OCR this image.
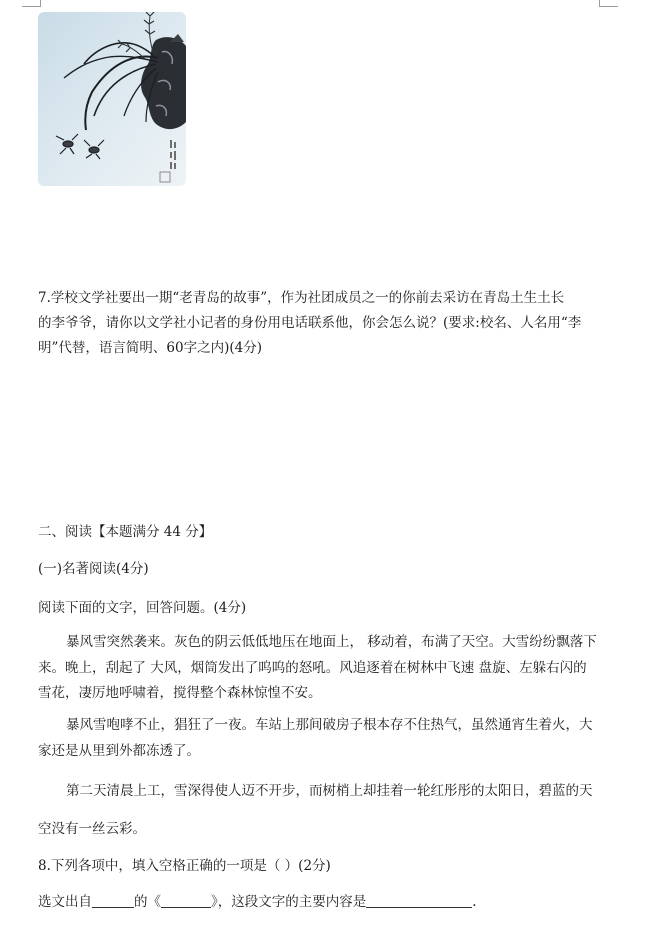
7.学校文学社要出一期“老青岛的故事”，作为社团成员之一的你前去采访在青岛土生土长
的李爷爷，请你以文学社小记者的身份用电话联系他，你会怎么说？(要求:校名、人名用“李
明”代替，语言简明、60字之内)(4分)
二、阅读【本题满分 44 分】
(一)名著阅读(4分)
阅读下面的文字，回答问题。(4分)
暴风雪突然袭来。灰色的阴云低低地压在地面上， 移动着，布满了天空。大雪纷纷飘落下来。晚上，刮起了 大风，烟筒发出了呜呜的怒吼。风追逐着在树林中飞速 盘旋、左躲右闪的雪花，凄厉地呼啸着，搅得整个森林惊惶不安。
暴风雪咆哮不止，猖狂了一夜。车站上那间破房子根本存不住热气，虽然通宵生着火，大家还是从里到外都冻透了。
第二天清晨上工，雪深得使人迈不开步，而树梢上却挂着一轮红彤彤的太阳日，碧蓝的天
空没有一丝云彩。
8.下列各项中，填入空格正确的一项是（ ）(2分)
选文出自	的《	》，这段文字的主要内容是	.
